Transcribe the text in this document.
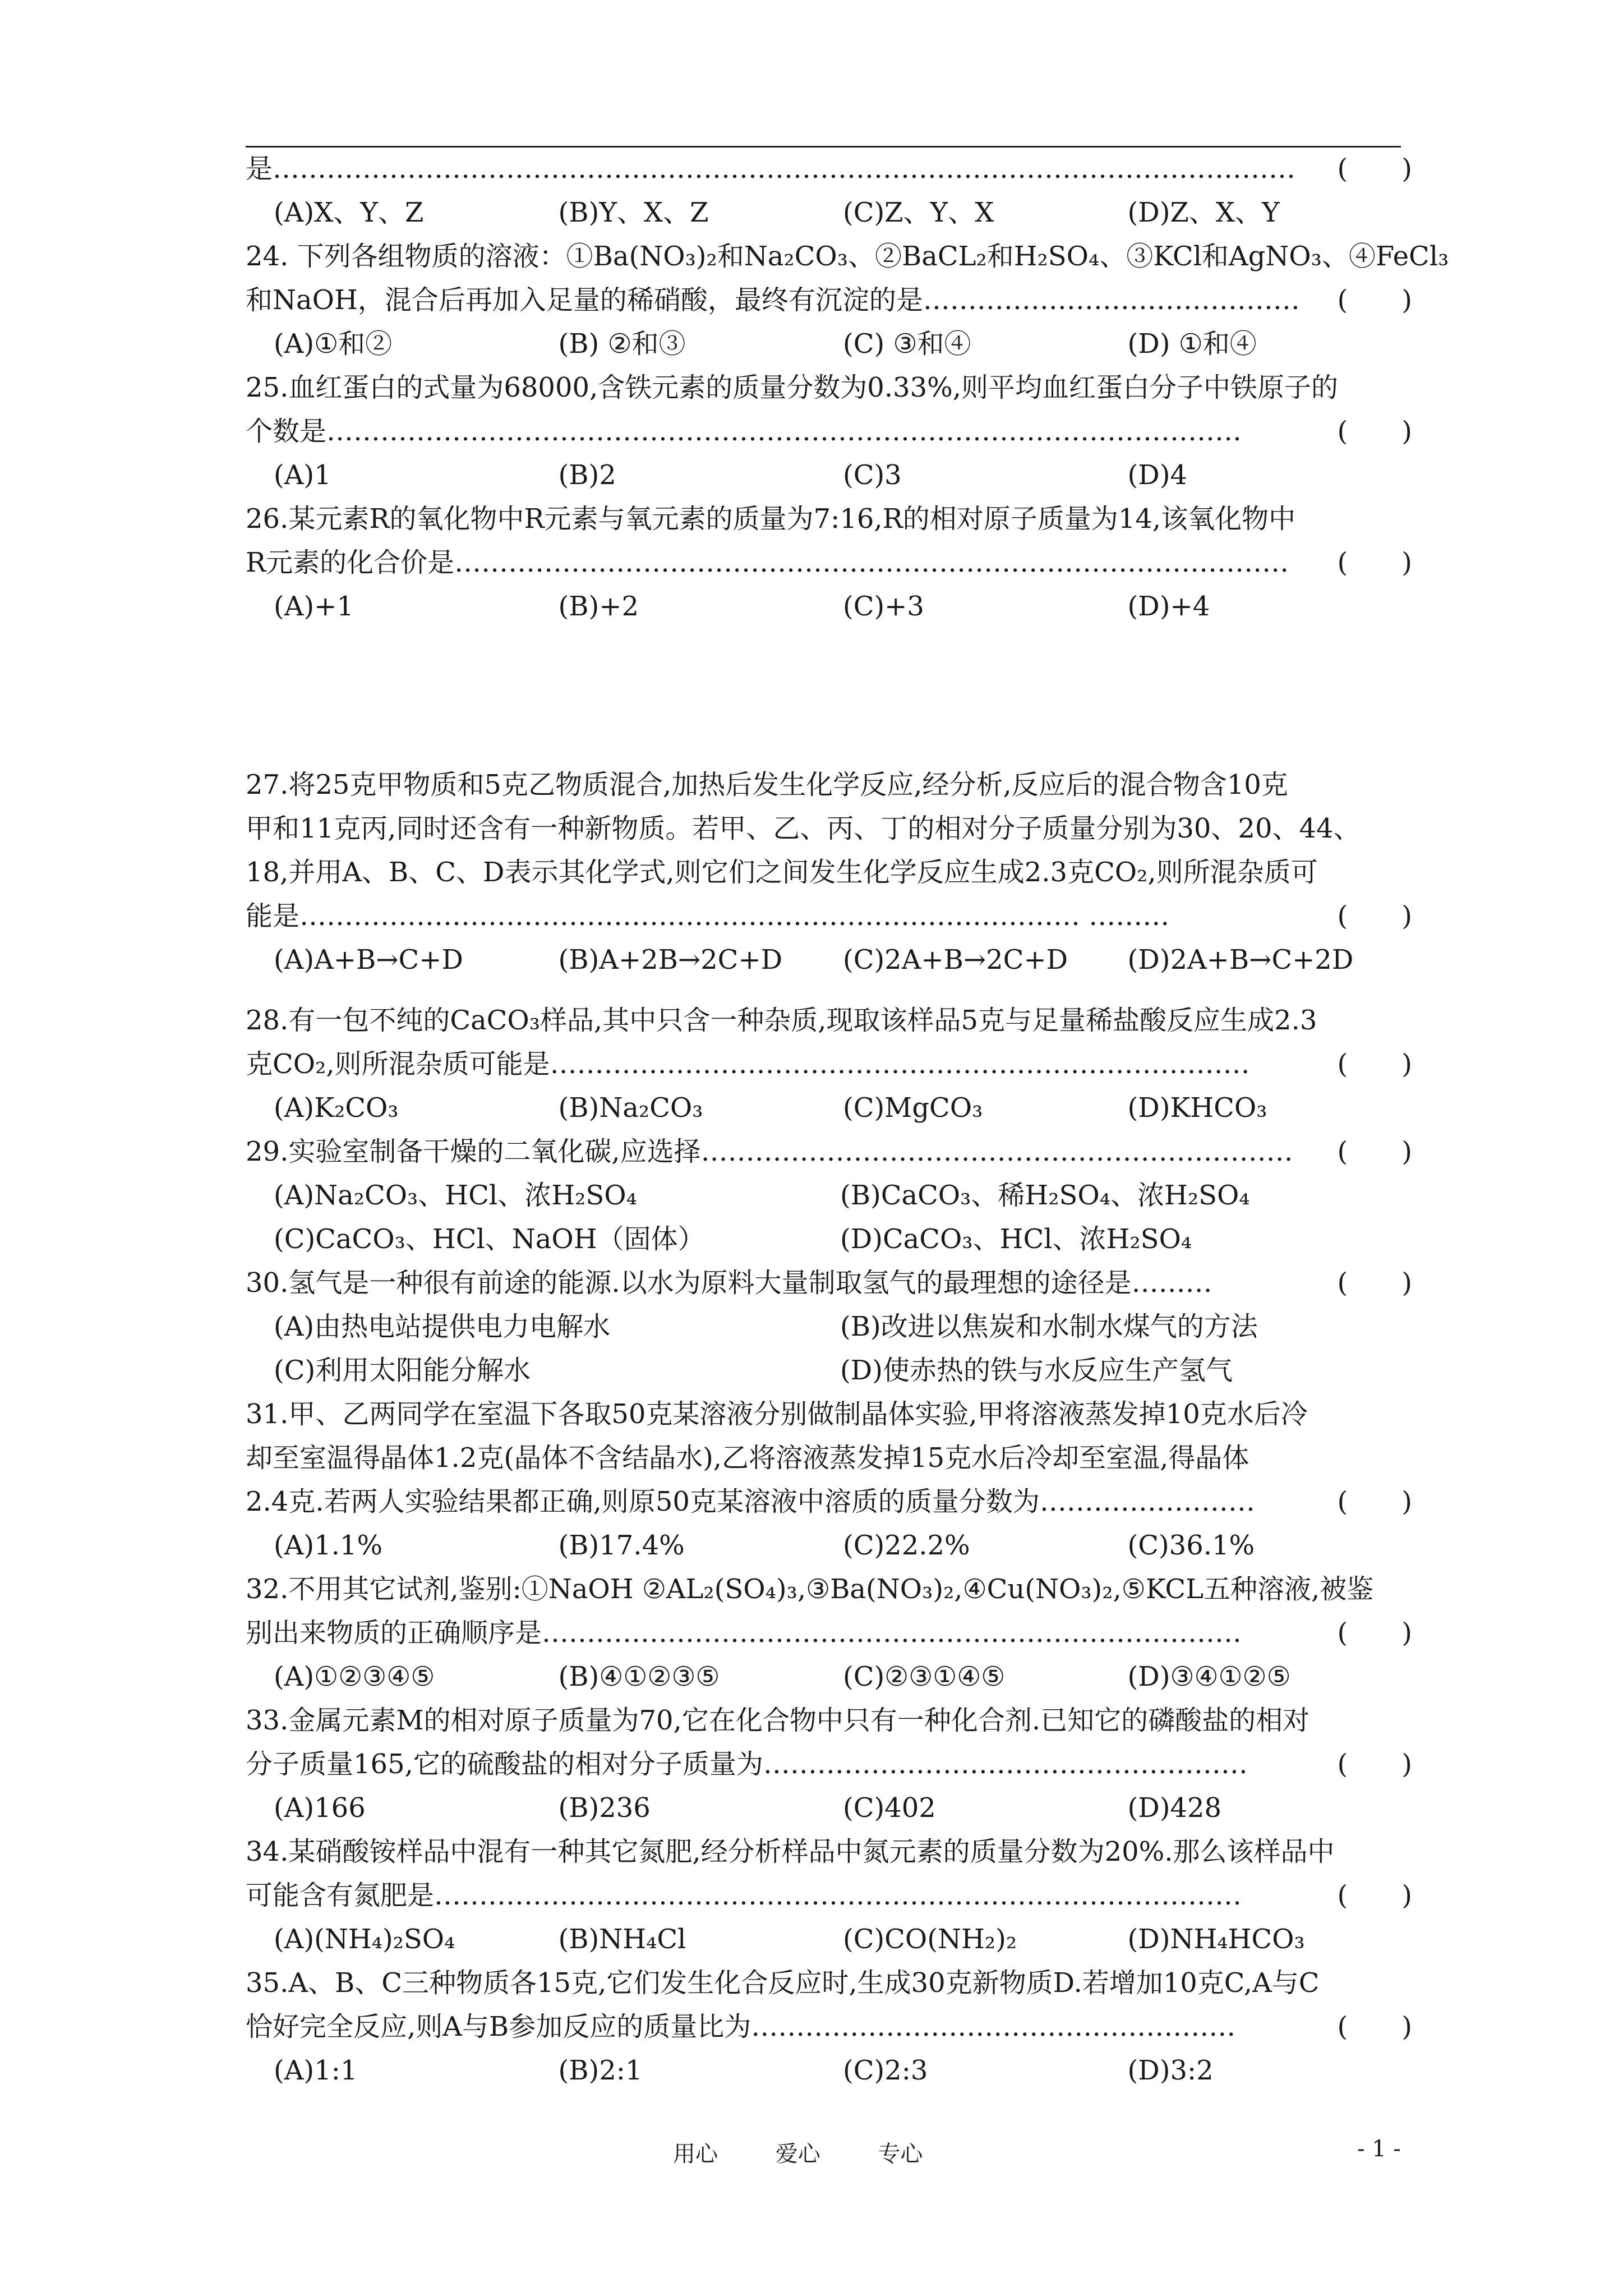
是…………………………………………………………………………………………………… (　　)
(A)X、Y、Z	(B)Y、X、Z	(C)Z、Y、X	(D)Z、X、Y
24. 下列各组物质的溶液：①Ba(NO₃)₂和Na₂CO₃、②BaCL₂和H₂SO₄、③KCl和AgNO₃、④FeCl₃
和NaOH，混合后再加入足量的稀硝酸，最终有沉淀的是…………………………………… (　　)
(A)①和②	(B) ②和③	(C) ③和④	(D) ①和④
25.血红蛋白的式量为68000,含铁元素的质量分数为0.33%,则平均血红蛋白分子中铁原子的
个数是…………………………………………………………………………………………	(　　)
(A)1	(B)2	(C)3	(D)4
26.某元素R的氧化物中R元素与氧元素的质量为7:16,R的相对原子质量为14,该氧化物中
R元素的化合价是………………………………………………………………………………… (　　)
(A)+1	(B)+2	(C)+3	(D)+4
27.将25克甲物质和5克乙物质混合,加热后发生化学反应,经分析,反应后的混合物含10克
甲和11克丙,同时还含有一种新物质。若甲、乙、丙、丁的相对分子质量分别为30、20、44、
18,并用A、B、C、D表示其化学式,则它们之间发生化学反应生成2.3克CO₂,则所混杂质可
能是…………………………………………………………………………… ………	(　　)
(A)A+B→C+D	(B)A+2B→2C+D	(C)2A+B→2C+D	(D)2A+B→C+2D
28.有一包不纯的CaCO₃样品,其中只含一种杂质,现取该样品5克与足量稀盐酸反应生成2.3
克CO₂,则所混杂质可能是……………………………………………………………………	(　　)
(A)K₂CO₃	(B)Na₂CO₃	(C)MgCO₃	(D)KHCO₃
29.实验室制备干燥的二氧化碳,应选择………………………………………………………… (　　)
(A)Na₂CO₃、HCl、浓H₂SO₄	(B)CaCO₃、稀H₂SO₄、浓H₂SO₄
(C)CaCO₃、HCl、NaOH（固体）	(D)CaCO₃、HCl、浓H₂SO₄
30.氢气是一种很有前途的能源.以水为原料大量制取氢气的最理想的途径是………	(　　)
(A)由热电站提供电力电解水	(B)改进以焦炭和水制水煤气的方法
(C)利用太阳能分解水	(D)使赤热的铁与水反应生产氢气
31.甲、乙两同学在室温下各取50克某溶液分别做制晶体实验,甲将溶液蒸发掉10克水后冷
却至室温得晶体1.2克(晶体不含结晶水),乙将溶液蒸发掉15克水后冷却至室温,得晶体
2.4克.若两人实验结果都正确,则原50克某溶液中溶质的质量分数为……………………	(　　)
(A)1.1%	(B)17.4%	(C)22.2%	(C)36.1%
32.不用其它试剂,鉴别:①NaOH ②AL₂(SO₄)₃,③Ba(NO₃)₂,④Cu(NO₃)₂,⑤KCL五种溶液,被鉴
别出来物质的正确顺序是……………………………………………………………………	(　　)
(A)①②③④⑤	(B)④①②③⑤	(C)②③①④⑤	(D)③④①②⑤
33.金属元素M的相对原子质量为70,它在化合物中只有一种化合剂.已知它的磷酸盐的相对
分子质量165,它的硫酸盐的相对分子质量为………………………………………………	(　　)
(A)166	(B)236	(C)402	(D)428
34.某硝酸铵样品中混有一种其它氮肥,经分析样品中氮元素的质量分数为20%.那么该样品中
可能含有氮肥是………………………………………………………………………………	(　　)
(A)(NH₄)₂SO₄	(B)NH₄Cl	(C)CO(NH₂)₂	(D)NH₄HCO₃
35.A、B、C三种物质各15克,它们发生化合反应时,生成30克新物质D.若增加10克C,A与C
恰好完全反应,则A与B参加反应的质量比为………………………………………………	(　　)
(A)1:1	(B)2:1	(C)2:3	(D)3:2
用心	爱心	专心	- 1 -
